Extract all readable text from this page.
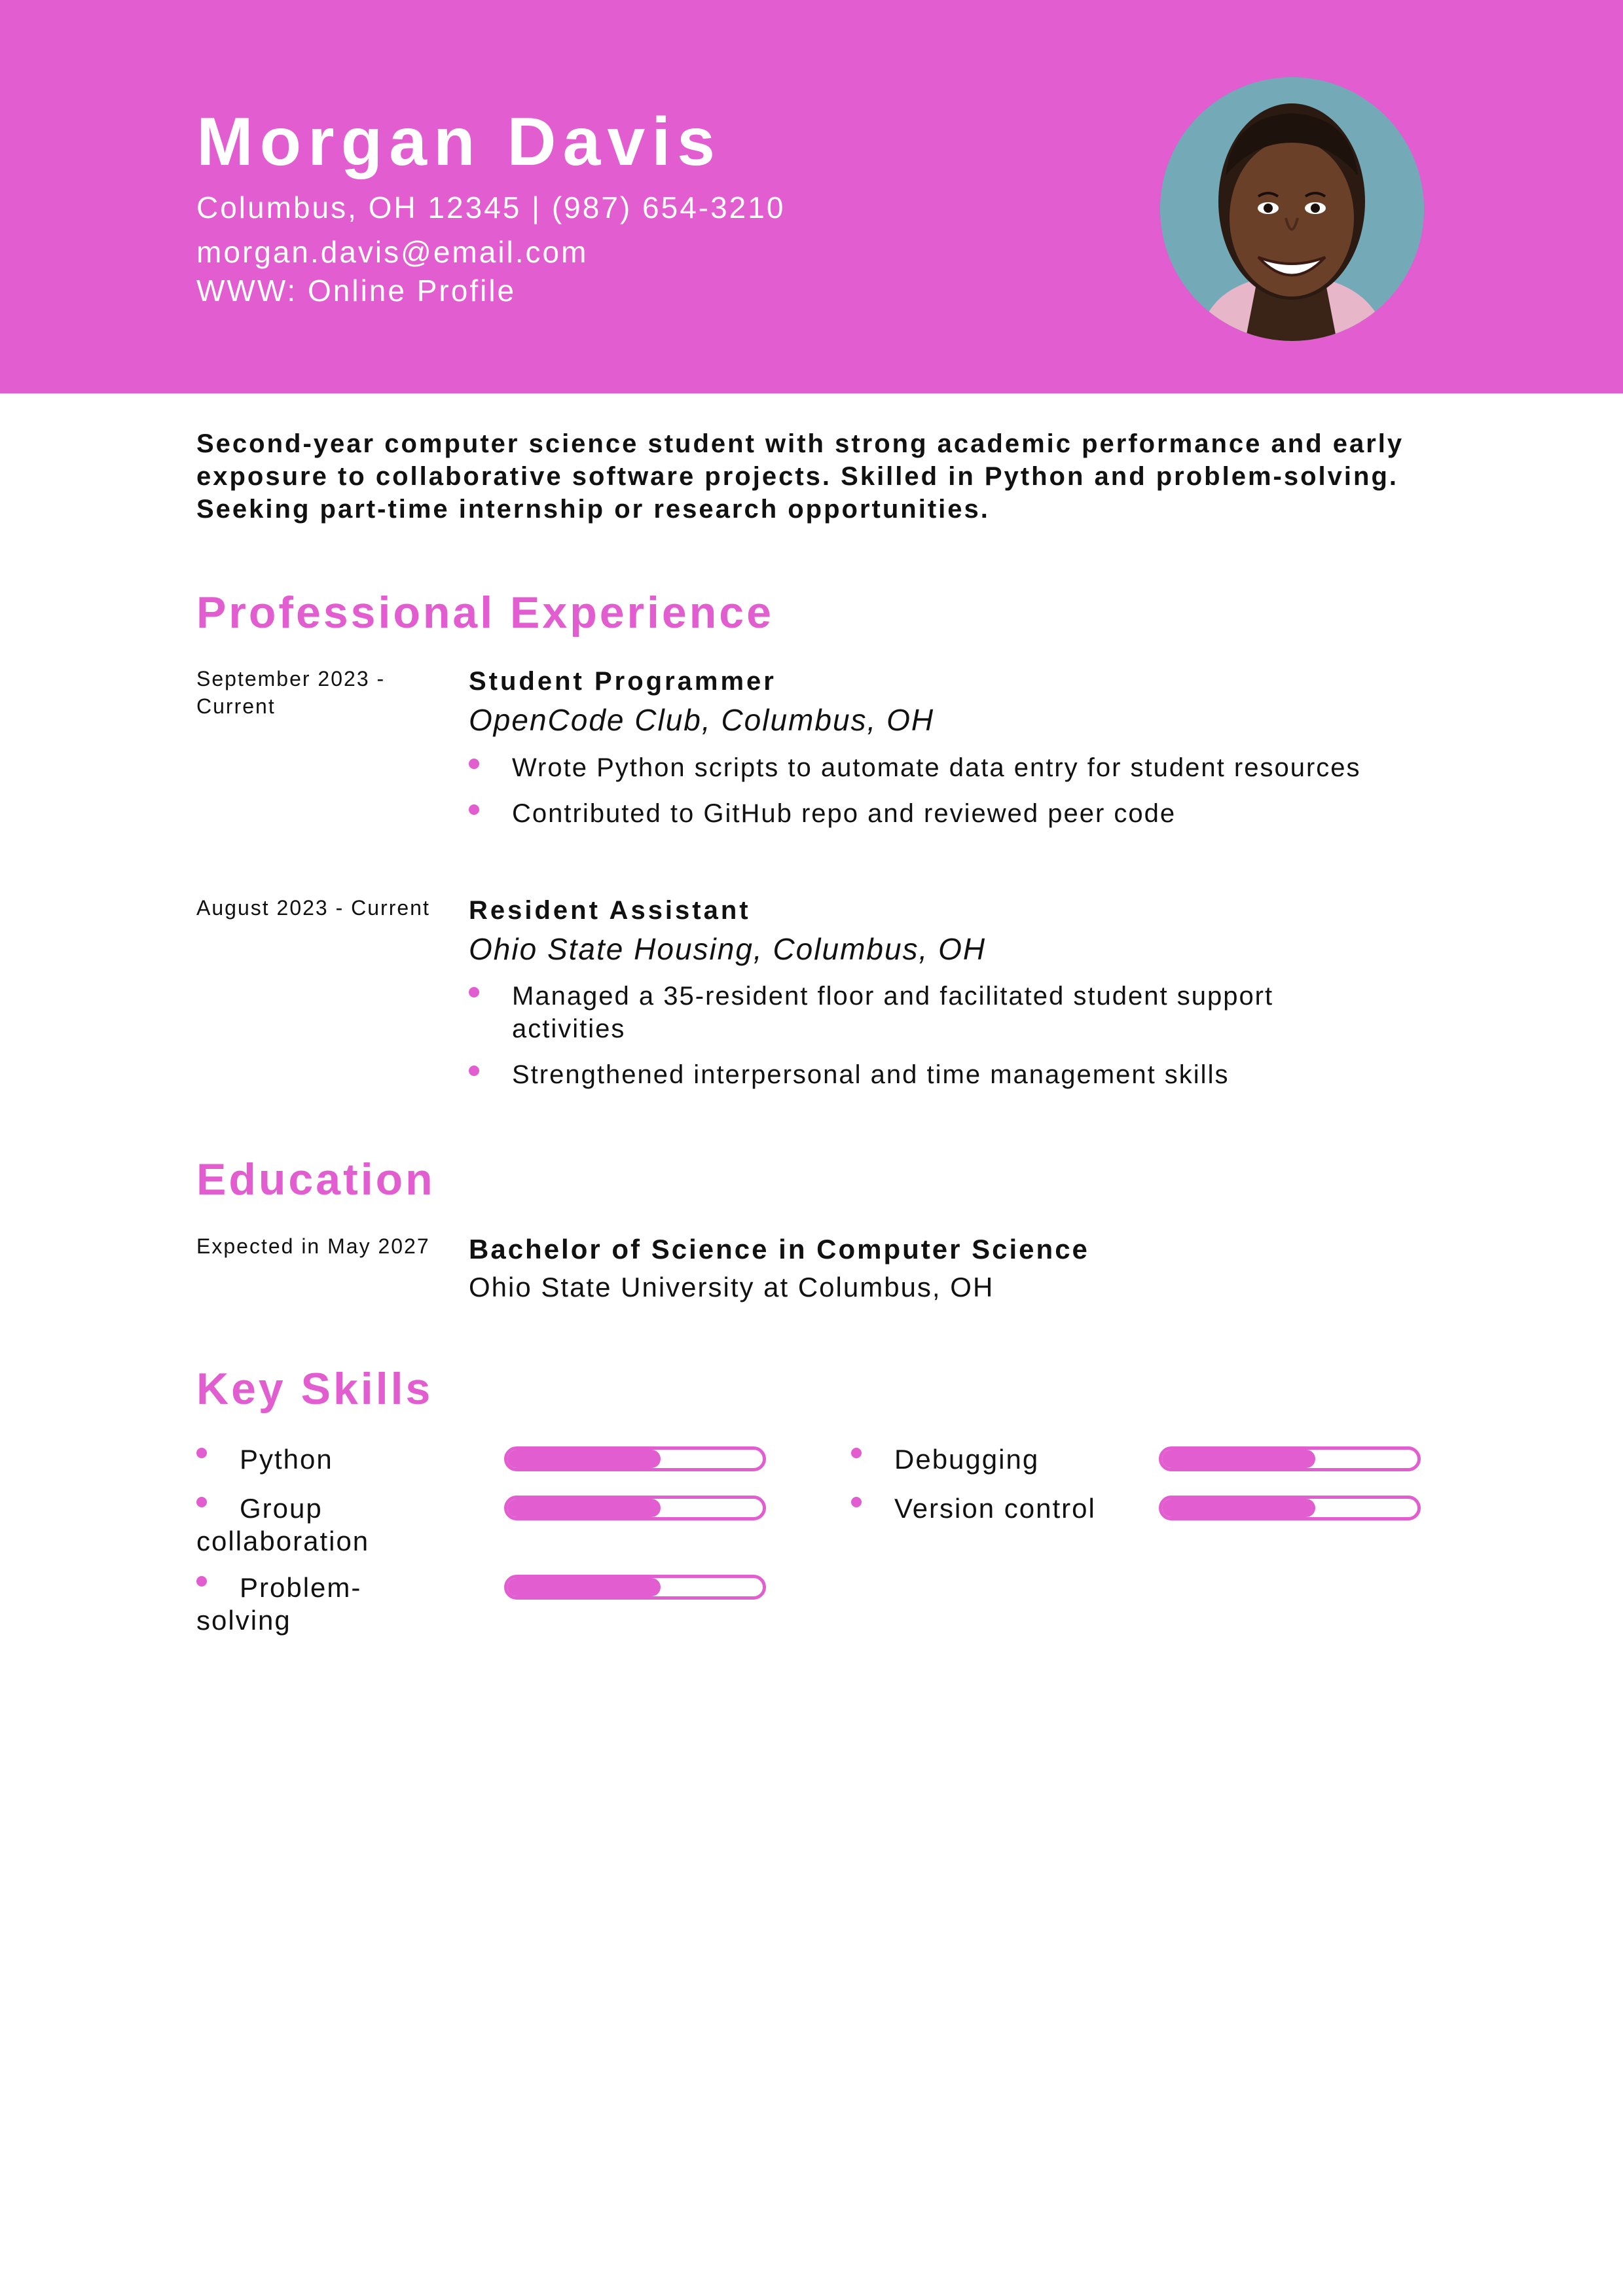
Morgan Davis

Columbus, OH 12345 | (987) 654-3210

morgan.davis@email.com

WWW: Online Profile

Second-year computer science student with strong academic performance and early exposure to collaborative software projects. Skilled in Python and problem-solving. Seeking part-time internship or research opportunities.

Professional Experience

September 2023 - Current

Student Programmer

OpenCode Club, Columbus, OH

Wrote Python scripts to automate data entry for student resources
Contributed to GitHub repo and reviewed peer code

August 2023 - Current Resident Assistant

Ohio State Housing, Columbus, OH

Managed a 35-resident floor and facilitated student support activities
Strengthened interpersonal and time management skills
Education

Expected in May 2027 Bachelor of Science in Computer Science

Ohio State University at Columbus, OH

Key Skills

Python

Group collaboration

Problem-solving

Debugging

Version control
